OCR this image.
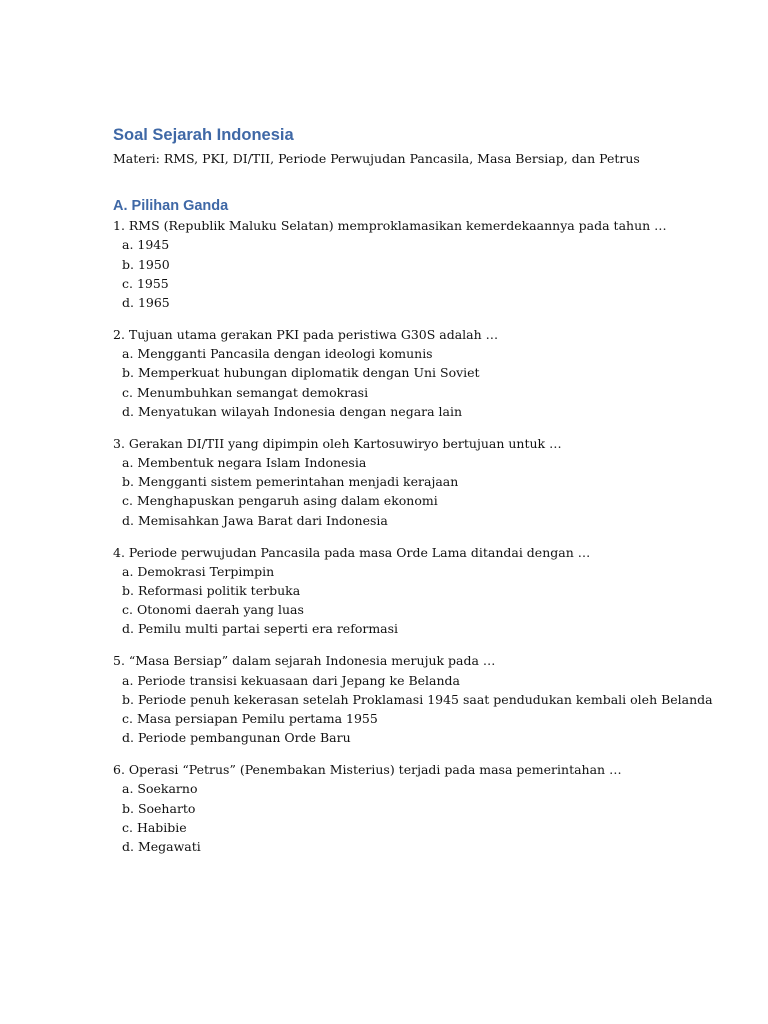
Soal Sejarah Indonesia

Materi: RMS, PKI, DI/TII, Periode Perwujudan Pancasila, Masa Bersiap, dan Petrus

A. Pilihan Ganda

1. RMS (Republik Maluku Selatan) memproklamasikan kemerdekaannya pada tahun …

a. 1945
b. 1950
c. 1955
d. 1965

2. Tujuan utama gerakan PKI pada peristiwa G30S adalah …

a. Mengganti Pancasila dengan ideologi komunis
b. Memperkuat hubungan diplomatik dengan Uni Soviet
c. Menumbuhkan semangat demokrasi
d. Menyatukan wilayah Indonesia dengan negara lain

3. Gerakan DI/TII yang dipimpin oleh Kartosuwiryo bertujuan untuk …

a. Membentuk negara Islam Indonesia
b. Mengganti sistem pemerintahan menjadi kerajaan
c. Menghapuskan pengaruh asing dalam ekonomi
d. Memisahkan Jawa Barat dari Indonesia

4. Periode perwujudan Pancasila pada masa Orde Lama ditandai dengan …

a. Demokrasi Terpimpin
b. Reformasi politik terbuka
c. Otonomi daerah yang luas
d. Pemilu multi partai seperti era reformasi

5. “Masa Bersiap” dalam sejarah Indonesia merujuk pada …

a. Periode transisi kekuasaan dari Jepang ke Belanda
b. Periode penuh kekerasan setelah Proklamasi 1945 saat pendudukan kembali oleh Belanda
c. Masa persiapan Pemilu pertama 1955
d. Periode pembangunan Orde Baru

6. Operasi “Petrus” (Penembakan Misterius) terjadi pada masa pemerintahan …

a. Soekarno
b. Soeharto
c. Habibie
d. Megawati
